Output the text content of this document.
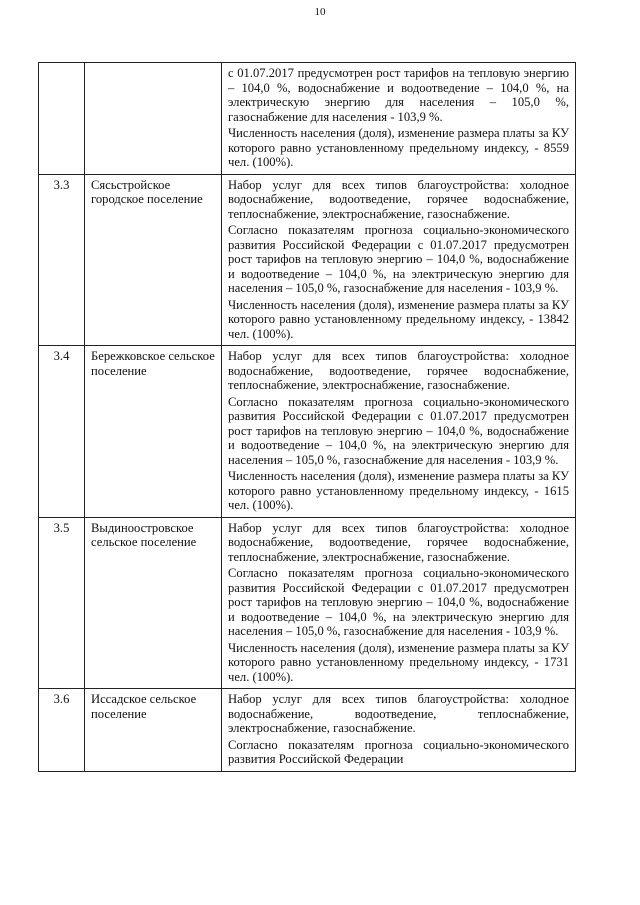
10

		с 01.07.2017 предусмотрен рост тарифов на тепловую энергию – 104,0 %, водоснабжение и водоотведение – 104,0 %, на электрическую энергию для населения – 105,0 %, газоснабжение для населения - 103,9 %.

Численность населения (доля), изменение размера платы за КУ которого равно установленному предельному индексу, - 8559 чел. (100%).

3.3	Сясьстройское городское поселение	Набор услуг для всех типов благоустройства: холодное водоснабжение, водоотведение, горячее водоснабжение, теплоснабжение, электроснабжение, газоснабжение.

Согласно показателям прогноза социально-экономического развития Российской Федерации с 01.07.2017 предусмотрен рост тарифов на тепловую энергию – 104,0 %, водоснабжение и водоотведение – 104,0 %, на электрическую энергию для населения – 105,0 %, газоснабжение для населения - 103,9 %.

Численность населения (доля), изменение размера платы за КУ которого равно установленному предельному индексу, - 13842 чел. (100%).

3.4	Бережковское сельское поселение	Набор услуг для всех типов благоустройства: холодное водоснабжение, водоотведение, горячее водоснабжение, теплоснабжение, электроснабжение, газоснабжение.

Согласно показателям прогноза социально-экономического развития Российской Федерации с 01.07.2017 предусмотрен рост тарифов на тепловую энергию – 104,0 %, водоснабжение и водоотведение – 104,0 %, на электрическую энергию для населения – 105,0 %, газоснабжение для населения - 103,9 %.

Численность населения (доля), изменение размера платы за КУ которого равно установленному предельному индексу, - 1615 чел. (100%).

3.5	Выдиноостровское сельское поселение	Набор услуг для всех типов благоустройства: холодное водоснабжение, водоотведение, горячее водоснабжение, теплоснабжение, электроснабжение, газоснабжение.

Согласно показателям прогноза социально-экономического развития Российской Федерации с 01.07.2017 предусмотрен рост тарифов на тепловую энергию – 104,0 %, водоснабжение и водоотведение – 104,0 %, на электрическую энергию для населения – 105,0 %, газоснабжение для населения - 103,9 %.

Численность населения (доля), изменение размера платы за КУ которого равно установленному предельному индексу, - 1731 чел. (100%).

3.6	Иссадское сельское поселение	Набор услуг для всех типов благоустройства: холодное водоснабжение, водоотведение, теплоснабжение, электроснабжение, газоснабжение.

Согласно показателям прогноза социально-экономического развития Российской Федерации
